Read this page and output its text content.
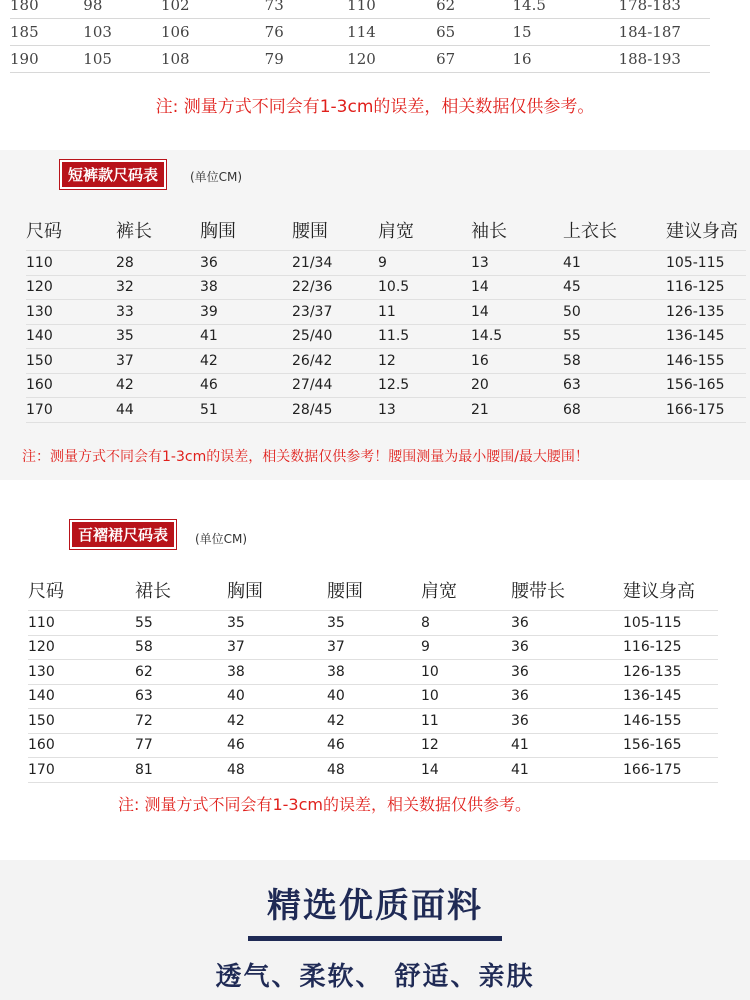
180	98	102	73	110	62	14.5	178-183
185	103	106	76	114	65	15	184-187
190	105	108	79	120	67	16	188-193
注: 测量方式不同会有1-3cm的误差，相关数据仅供参考。
短裤款尺码表	(单位CM)
尺码	裤长	胸围	腰围	肩宽	袖长	上衣长	建议身高
110	28	36	21/34	9	13	41	105-115
120	32	38	22/36	10.5	14	45	116-125
130	33	39	23/37	11	14	50	126-135
140	35	41	25/40	11.5	14.5	55	136-145
150	37	42	26/42	12	16	58	146-155
160	42	46	27/44	12.5	20	63	156-165
170	44	51	28/45	13	21	68	166-175
注：测量方式不同会有1-3cm的误差，相关数据仅供参考！腰围测量为最小腰围/最大腰围！
百褶裙尺码表	(单位CM)
尺码	裙长	胸围	腰围	肩宽	腰带长	建议身高
110	55	35	35	8	36	105-115
120	58	37	37	9	36	116-125
130	62	38	38	10	36	126-135
140	63	40	40	10	36	136-145
150	72	42	42	11	36	146-155
160	77	46	46	12	41	156-165
170	81	48	48	14	41	166-175
注: 测量方式不同会有1-3cm的误差，相关数据仅供参考。
精选优质面料
透气、柔软、 舒适、亲肤
